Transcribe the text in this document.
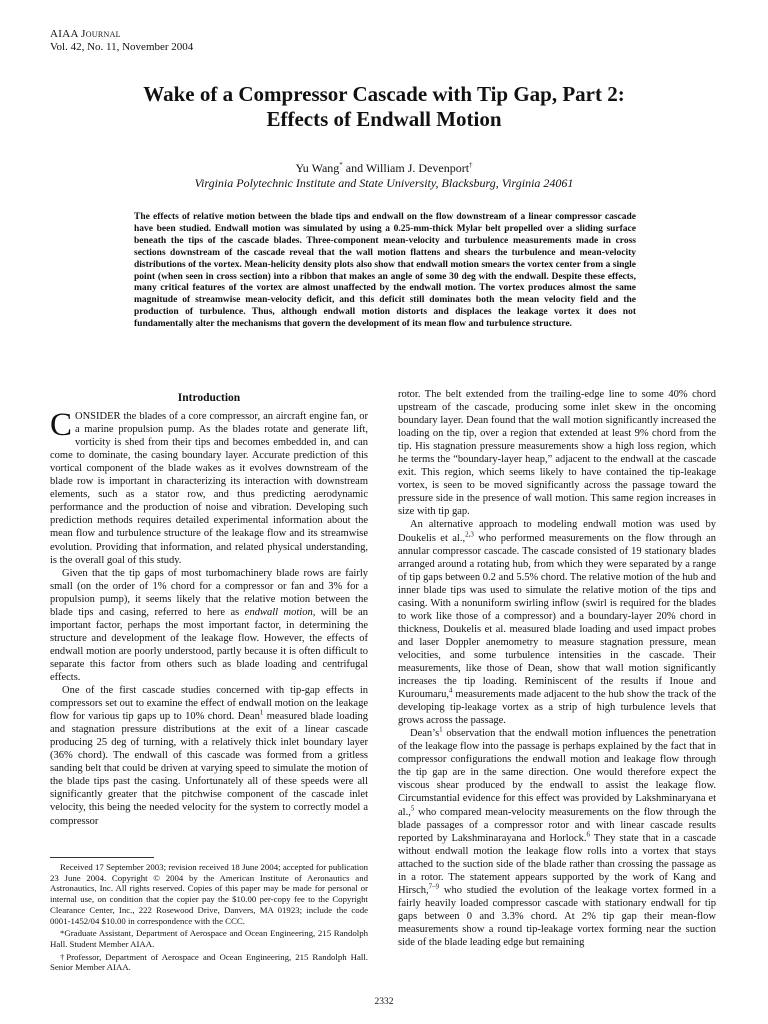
AIAA Journal
Vol. 42, No. 11, November 2004
Wake of a Compressor Cascade with Tip Gap, Part 2:
Effects of Endwall Motion
Yu Wang* and William J. Devenport†
Virginia Polytechnic Institute and State University, Blacksburg, Virginia 24061
The effects of relative motion between the blade tips and endwall on the flow downstream of a linear compressor cascade have been studied. Endwall motion was simulated by using a 0.25-mm-thick Mylar belt propelled over a sliding surface beneath the tips of the cascade blades. Three-component mean-velocity and turbulence measurements made in cross sections downstream of the cascade reveal that the wall motion flattens and shears the turbulence and mean-velocity distributions of the vortex. Mean-helicity density plots also show that endwall motion smears the vortex center from a single point (when seen in cross section) into a ribbon that makes an angle of some 30 deg with the endwall. Despite these effects, many critical features of the vortex are almost unaffected by the endwall motion. The vortex produces almost the same magnitude of streamwise mean-velocity deficit, and this deficit still dominates both the mean velocity field and the production of turbulence. Thus, although endwall motion distorts and displaces the leakage vortex it does not fundamentally alter the mechanisms that govern the development of its mean flow and turbulence structure.
Introduction

CONSIDER the blades of a core compressor, an aircraft engine fan, or a marine propulsion pump. As the blades rotate and generate lift, vorticity is shed from their tips and becomes embedded in, and can come to dominate, the casing boundary layer. Accurate prediction of this vortical component of the blade wakes as it evolves downstream of the blade row is important in characterizing its interaction with downstream elements, such as a stator row, and thus predicting aerodynamic performance and the production of noise and vibration. Developing such prediction methods requires detailed experimental information about the mean flow and turbulence structure of the leakage flow and its streamwise evolution. Providing that information, and related physical understanding, is the overall goal of this study.

Given that the tip gaps of most turbomachinery blade rows are fairly small (on the order of 1% chord for a compressor or fan and 3% for a propulsion pump), it seems likely that the relative motion between the blade tips and casing, referred to here as endwall motion, will be an important factor, perhaps the most important factor, in determining the structure and development of the leakage flow. However, the effects of endwall motion are poorly understood, partly because it is often difficult to separate this factor from others such as blade loading and centrifugal effects.

One of the first cascade studies concerned with tip-gap effects in compressors set out to examine the effect of endwall motion on the leakage flow for various tip gaps up to 10% chord. Dean$^1$ measured blade loading and stagnation pressure distributions at the exit of a linear cascade producing 25 deg of turning, with a relatively thick inlet boundary layer (36% chord). The endwall of this cascade was formed from a gritless sanding belt that could be driven at varying speed to simulate the motion of the blade tips past the casing. Unfortunately all of these speeds were all significantly greater that the pitchwise component of the cascade inlet velocity, this being the needed velocity for the system to correctly model a compressor

Received 17 September 2003; revision received 18 June 2004; accepted for publication 23 June 2004. Copyright © 2004 by the American Institute of Aeronautics and Astronautics, Inc. All rights reserved. Copies of this paper may be made for personal or internal use, on condition that the copier pay the $10.00 per-copy fee to the Copyright Clearance Center, Inc., 222 Rosewood Drive, Danvers, MA 01923; include the code 0001-1452/04 $10.00 in correspondence with the CCC.

*Graduate Assistant, Department of Aerospace and Ocean Engineering, 215 Randolph Hall. Student Member AIAA.

†Professor, Department of Aerospace and Ocean Engineering, 215 Randolph Hall. Senior Member AIAA.

rotor. The belt extended from the trailing-edge line to some 40% chord upstream of the cascade, producing some inlet skew in the oncoming boundary layer. Dean found that the wall motion significantly increased the loading on the tip, over a region that extended at least 9% chord from the tip. His stagnation pressure measurements show a high loss region, which he terms the “boundary-layer heap,” adjacent to the endwall at the cascade exit. This region, which seems likely to have contained the tip-leakage vortex, is seen to be moved significantly across the passage toward the pressure side in the presence of wall motion. This same region increases in size with tip gap.

An alternative approach to modeling endwall motion was used by Doukelis et al.,$^{2,3}$ who performed measurements on the flow through an annular compressor cascade. The cascade consisted of 19 stationary blades arranged around a rotating hub, from which they were separated by a range of tip gaps between 0.2 and 5.5% chord. The relative motion of the hub and inner blade tips was used to simulate the relative motion of the tips and casing. With a nonuniform swirling inflow (swirl is required for the blades to work like those of a compressor) and a boundary-layer 20% chord in thickness, Doukelis et al. measured blade loading and used impact probes and laser Doppler anemometry to measure stagnation pressure, mean velocities, and some turbulence intensities in the cascade. Their measurements, like those of Dean, show that wall motion significantly increases the tip loading. Reminiscent of the results if Inoue and Kuroumaru,$^4$ measurements made adjacent to the hub show the track of the developing tip-leakage vortex as a strip of high turbulence levels that grows across the passage.

$Dean’s^1$ observation that the endwall motion influences the penetration of the leakage flow into the passage is perhaps explained by the fact that in compressor configurations the endwall motion and leakage flow through the tip gap are in the same direction. One would therefore expect the viscous shear produced by the endwall to assist the leakage flow. Circumstantial evidence for this effect was provided by Lakshminaryana et al.,$^5$ who compared mean-velocity measurements on the flow through the blade passages of a compressor rotor and with linear cascade results reported by Lakshminarayana and Horlock.$^6$ They state that in a cascade without endwall motion the leakage flow rolls into a vortex that stays attached to the suction side of the blade rather than crossing the passage as in a rotor. The statement appears supported by the work of Kang and Hirsch,$^{7-9}$ who studied the evolution of the leakage vortex formed in a fairly heavily loaded compressor cascade with stationary endwall for tip gaps between 0 and 3.3% chord. At 2% tip gap their mean-flow measurements show a round tip-leakage vortex forming near the suction side of the blade leading edge but remaining

2332
